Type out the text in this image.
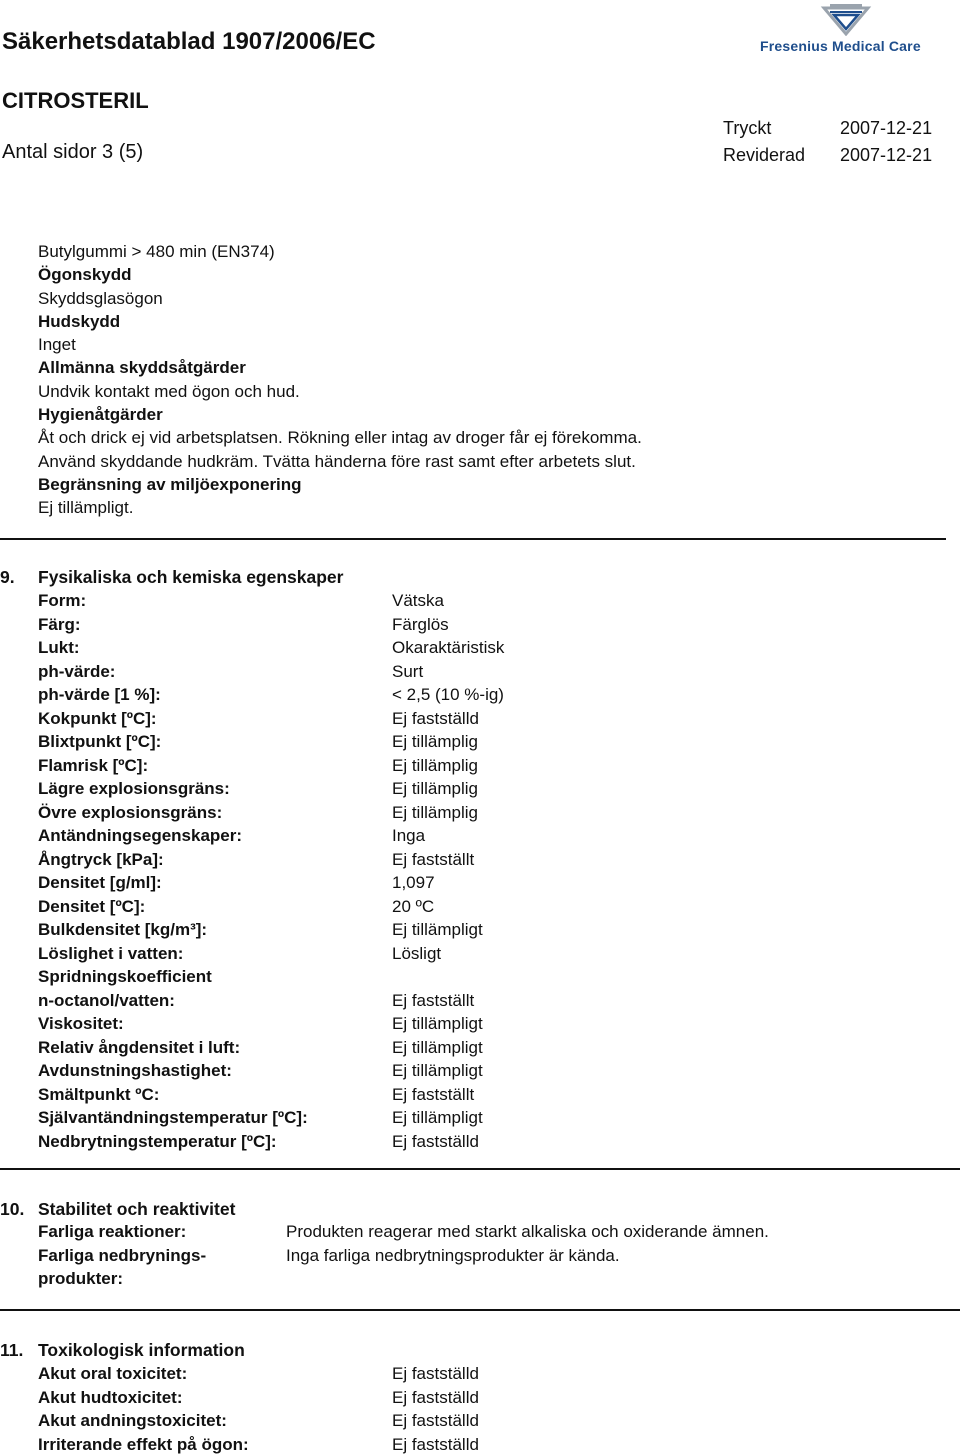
Säkerhetsdatablad 1907/2006/EC
CITROSTERIL
Antal sidor 3 (5)
Tryckt	2007-12-21
Reviderad 2007-12-21
Fresenius Medical Care
Butylgummi > 480 min (EN374)
Ögonskydd
Skyddsglasögon
Hudskydd
Inget
Allmänna skyddsåtgärder
Undvik kontakt med ögon och hud.
Hygienåtgärder
Åt och drick ej vid arbetsplatsen. Rökning eller intag av droger får ej förekomma.
Använd skyddande hudkräm. Tvätta händerna före rast samt efter arbetets slut.
Begränsning av miljöexponering
Ej tillämpligt.
9. Fysikaliska och kemiska egenskaper
Form:	Vätska
Färg:	Färglös
Lukt:	Okaraktäristisk
ph-värde:	Surt
ph-värde [1 %]:	< 2,5 (10 %-ig)
Kokpunkt [ºC]:	Ej fastställd
Blixtpunkt [ºC]:	Ej tillämplig
Flamrisk [ºC]:	Ej tillämplig
Lägre explosionsgräns:	Ej tillämplig
Övre explosionsgräns:	Ej tillämplig
Antändningsegenskaper:	Inga
Ångtryck [kPa]:	Ej fastställt
Densitet [g/ml]:	1,097
Densitet [ºC]:	20 ºC
Bulkdensitet [kg/m³]:	Ej tillämpligt
Löslighet i vatten:	Lösligt
Spridningskoefficient
n-octanol/vatten:	Ej fastställt
Viskositet:	Ej tillämpligt
Relativ ångdensitet i luft:	Ej tillämpligt
Avdunstningshastighet:	Ej tillämpligt
Smältpunkt ºC:	Ej fastställt
Självantändningstemperatur [ºC]:	Ej tillämpligt
Nedbrytningstemperatur [ºC]:	Ej fastställd
10. Stabilitet och reaktivitet
Farliga reaktioner:	Produkten reagerar med starkt alkaliska och oxiderande ämnen.
Farliga nedbrynings-	Inga farliga nedbrytningsprodukter är kända.
produkter:
11. Toxikologisk information
Akut oral toxicitet:	Ej fastställd
Akut hudtoxicitet:	Ej fastställd
Akut andningstoxicitet:	Ej fastställd
Irriterande effekt på ögon:	Ej fastställd
